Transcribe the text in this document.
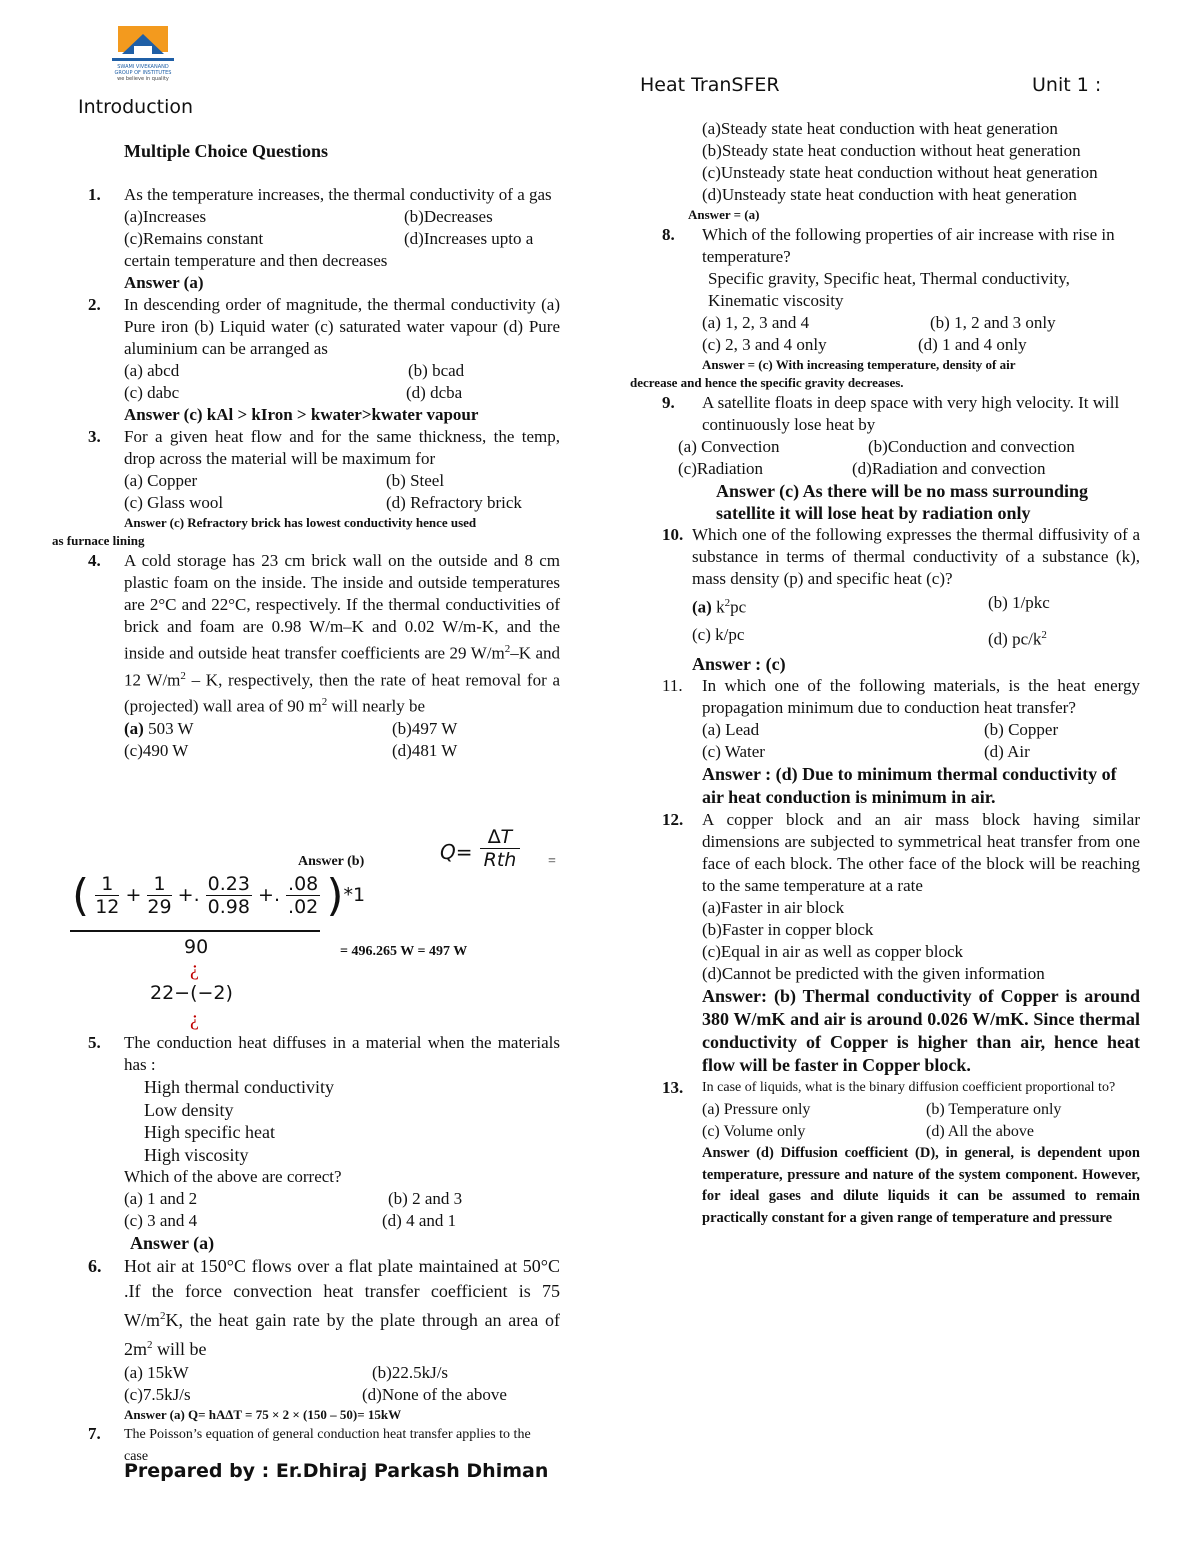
SWAMI VIVEKANAND
GROUP OF INSTITUTES
we believe in quality
Introduction
Heat TranSFER	Unit 1 :
Multiple Choice Questions
1. As the temperature increases, the thermal conductivity of a gas
(a)Increases	(b)Decreases
(c)Remains constant	(d)Increases upto a
certain temperature and then decreases
Answer (a)
2. In descending order of magnitude, the thermal conductivity (a) Pure iron (b) Liquid water (c) saturated water vapour (d) Pure aluminium can be arranged as
(a) abcd	(b) bcad
(c) dabc	(d) dcba
Answer (c) kAl > kIron > kwater>kwater vapour
3. For a given heat flow and for the same thickness, the temp, drop across the material will be maximum for
(a) Copper	(b) Steel
(c) Glass wool	(d) Refractory brick
Answer (c) Refractory brick has lowest conductivity hence used
as furnace lining
4. A cold storage has 23 cm brick wall on the outside and 8 cm plastic foam on the inside. The inside and outside temperatures are 2°C and 22°C, respectively. If the thermal conductivities of brick and foam are 0.98 W/m–K and 0.02 W/m-K, and the inside and outside heat transfer coefficients are 29 $W/m^2-K$ and 12 $W/m^2$ – K, respectively, then the rate of heat removal for a (projected) wall area of 90 $m^2$ will nearly be
(a) 503 W	(b)497 W
(c)490 W	(d)481 W
Answer (b)	Q=
∆T
Rth =
( $\frac{1}{12} + \frac{1}{29}$ +. $\frac{0.23}{0.98}$ +. $\frac{.08}{.02} )*1$
90
¿
22−(−2)
¿
= 496.265 W = 497 W
5. The conduction heat diffuses in a material when the materials has :
High thermal conductivity
Low density
High specific heat
High viscosity
Which of the above are correct?
(a) 1 and 2	(b) 2 and 3
(c) 3 and 4	(d) 4 and 1
Answer (a)
6. Hot air at 150°C flows over a flat plate maintained at 50°C .If the force convection heat transfer coefficient is 75 $W/m^2K$, the heat gain rate by the plate through an area of $2m^2$ will be
(a) 15kW	(b)22.5kJ/s
(c)7.5kJ/s	(d)None of the above
Answer (a) Q= hA∆T = 75 × 2 × (150 – 50)= 15kW
7. The Poisson’s equation of general conduction heat transfer applies to the case
Prepared by : Er.Dhiraj Parkash Dhiman
(a)Steady state heat conduction with heat generation
(b)Steady state heat conduction without heat generation
(c)Unsteady state heat conduction without heat generation
(d)Unsteady state heat conduction with heat generation
Answer = (a)
8. Which of the following properties of air increase with rise in temperature?
Specific gravity, Specific heat, Thermal conductivity, Kinematic viscosity
(a) 1, 2, 3 and 4	(b) 1, 2 and 3 only
(c) 2, 3 and 4 only	(d) 1 and 4 only
Answer = (c) With increasing temperature, density of air
decrease and hence the specific gravity decreases.
9. A satellite floats in deep space with very high velocity. It will continuously lose heat by
(a) Convection	(b)Conduction and convection
(c)Radiation	(d)Radiation and convection
Answer (c) As there will be no mass surrounding satellite it will lose heat by radiation only
10. Which one of the following expresses the thermal diffusivity of a substance in terms of thermal conductivity of a substance (k), mass density (p) and specific heat (c)?
(a) $k^2pc$	(b) 1/pkc
(c) k/pc	(d) $pc/k^2$
Answer : (c)
11. In which one of the following materials, is the heat energy propagation minimum due to conduction heat transfer?
(a) Lead	(b) Copper
(c) Water	(d) Air
Answer : (d) Due to minimum thermal conductivity of air heat conduction is minimum in air.
12. A copper block and an air mass block having similar dimensions are subjected to symmetrical heat transfer from one face of each block. The other face of the block will be reaching to the same temperature at a rate
(a)Faster in air block
(b)Faster in copper block
(c)Equal in air as well as copper block
(d)Cannot be predicted with the given information
Answer: (b) Thermal conductivity of Copper is around 380 W/mK and air is around 0.026 W/mK. Since thermal conductivity of Copper is higher than air, hence heat flow will be faster in Copper block.
13. In case of liquids, what is the binary diffusion coefficient proportional to?
(a) Pressure only	(b) Temperature only
(c) Volume only	(d) All the above
Answer (d) Diffusion coefficient (D), in general, is dependent upon temperature, pressure and nature of the system component. However, for ideal gases and dilute liquids it can be assumed to remain practically constant for a given range of temperature and pressure
